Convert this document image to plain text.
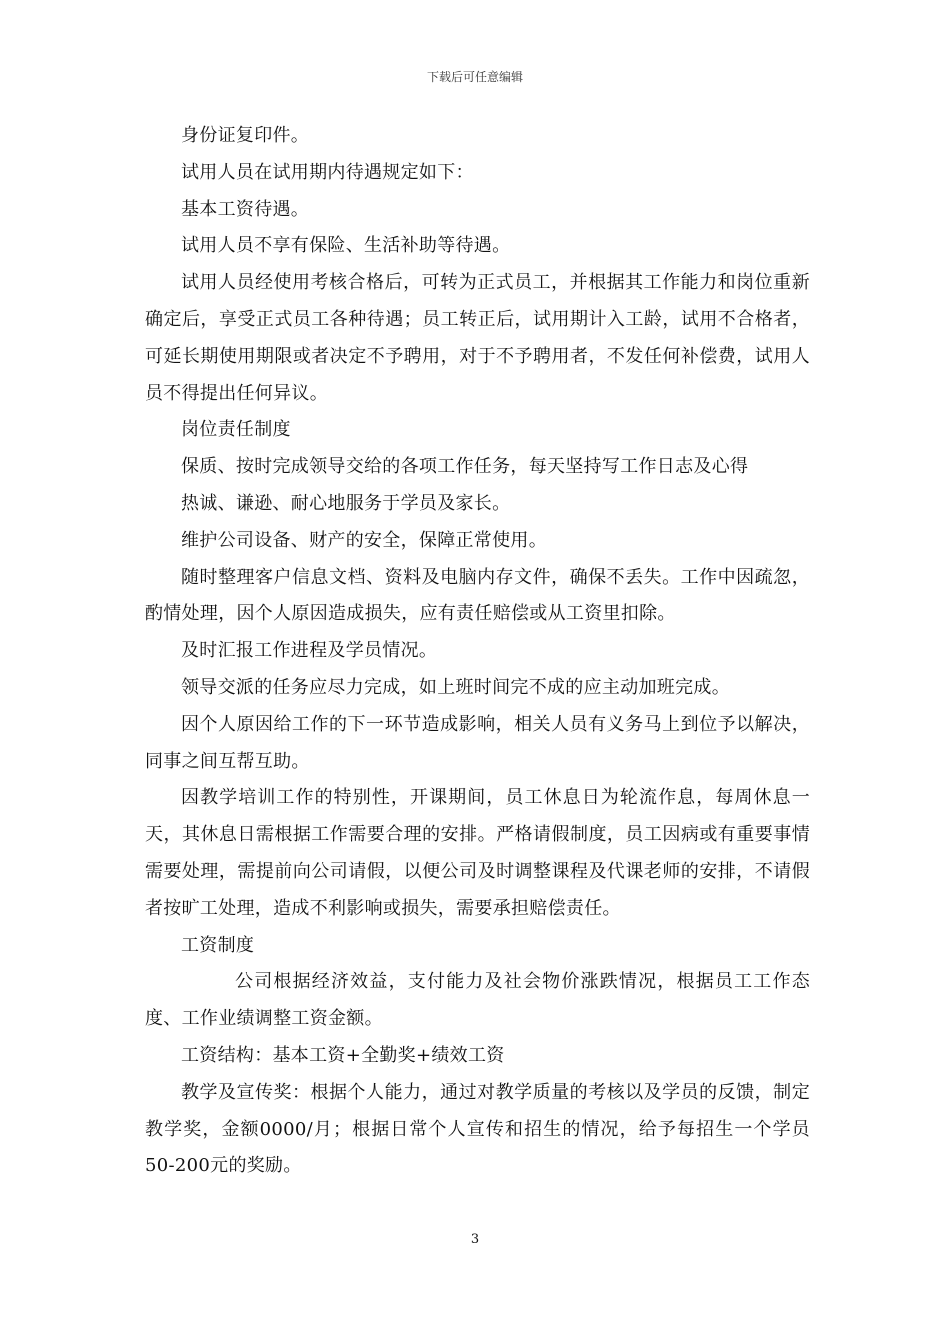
下载后可任意编辑

身份证复印件。

试用人员在试用期内待遇规定如下：

基本工资待遇。

试用人员不享有保险、生活补助等待遇。

试用人员经使用考核合格后，可转为正式员工，并根据其工作能力和岗位重新确定后，享受正式员工各种待遇；员工转正后，试用期计入工龄，试用不合格者，可延长期使用期限或者决定不予聘用，对于不予聘用者，不发任何补偿费，试用人员不得提出任何异议。

岗位责任制度

保质、按时完成领导交给的各项工作任务，每天坚持写工作日志及心得

热诚、谦逊、耐心地服务于学员及家长。

维护公司设备、财产的安全，保障正常使用。

随时整理客户信息文档、资料及电脑内存文件，确保不丢失。工作中因疏忽，酌情处理，因个人原因造成损失，应有责任赔偿或从工资里扣除。

及时汇报工作进程及学员情况。

领导交派的任务应尽力完成，如上班时间完不成的应主动加班完成。

因个人原因给工作的下一环节造成影响，相关人员有义务马上到位予以解决，同事之间互帮互助。

因教学培训工作的特别性，开课期间，员工休息日为轮流作息，每周休息一天，其休息日需根据工作需要合理的安排。严格请假制度，员工因病或有重要事情需要处理，需提前向公司请假，以便公司及时调整课程及代课老师的安排，不请假者按旷工处理，造成不利影响或损失，需要承担赔偿责任。

工资制度

公司根据经济效益，支付能力及社会物价涨跌情况，根据员工工作态度、工作业绩调整工资金额。

工资结构：基本工资+全勤奖+绩效工资

教学及宣传奖：根据个人能力，通过对教学质量的考核以及学员的反馈，制定教学奖，金额0000/月；根据日常个人宣传和招生的情况，给予每招生一个学员50-200元的奖励。

3
